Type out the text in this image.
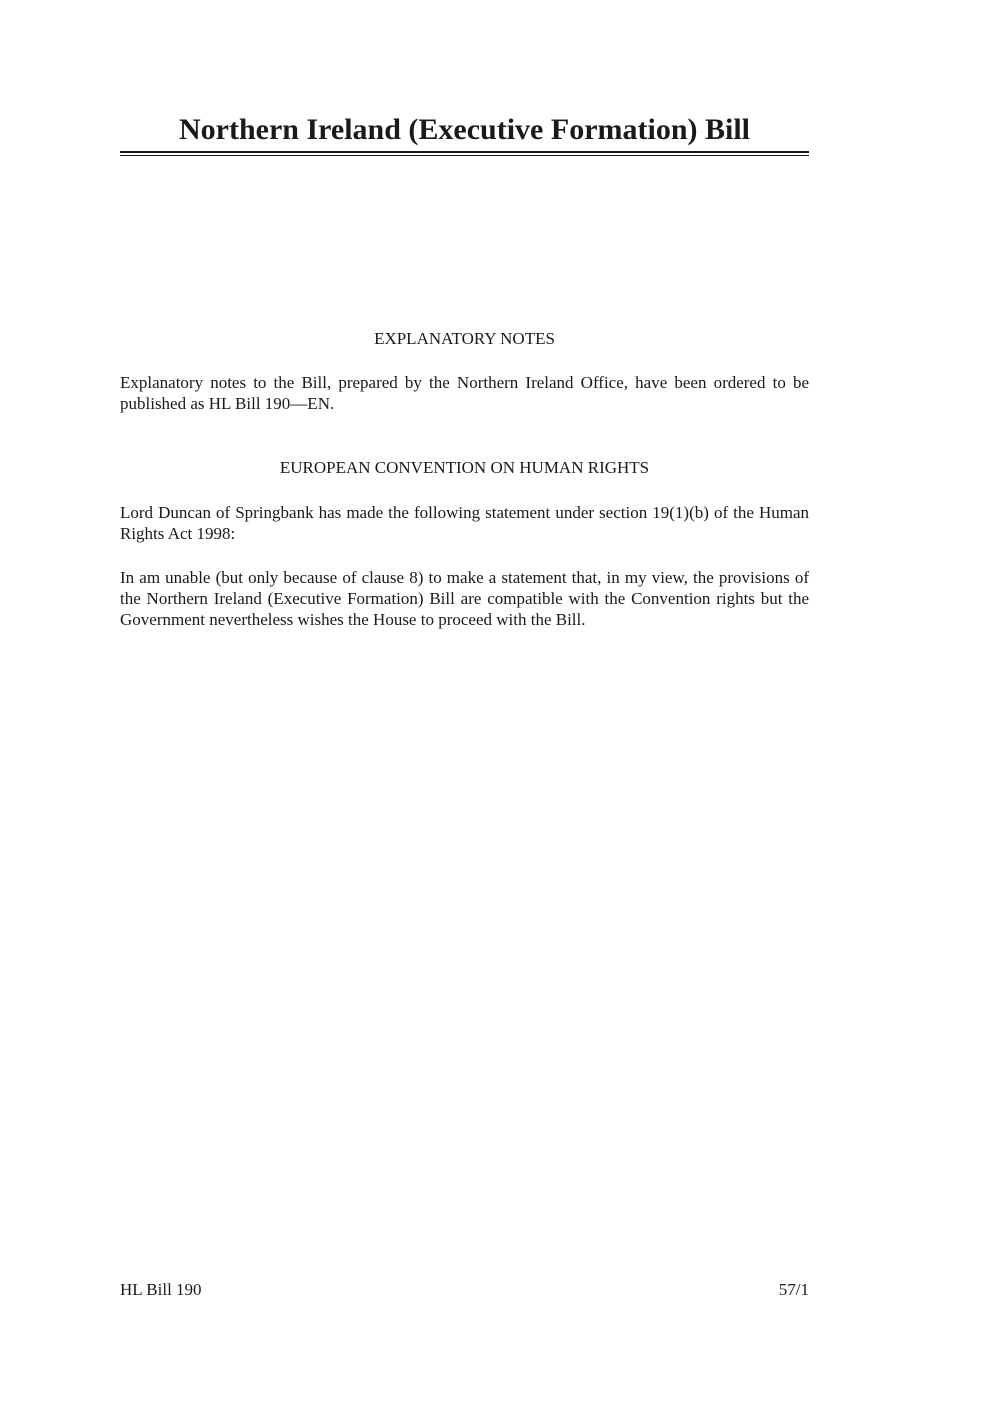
Northern Ireland (Executive Formation) Bill
EXPLANATORY NOTES

Explanatory notes to the Bill, prepared by the Northern Ireland Office, have been ordered to be published as HL Bill 190—EN.

EUROPEAN CONVENTION ON HUMAN RIGHTS

Lord Duncan of Springbank has made the following statement under section 19(1)(b) of the Human Rights Act 1998:

In am unable (but only because of clause 8) to make a statement that, in my view, the provisions of the Northern Ireland (Executive Formation) Bill are compatible with the Convention rights but the Government nevertheless wishes the House to proceed with the Bill.

HL Bill 190	57/1
